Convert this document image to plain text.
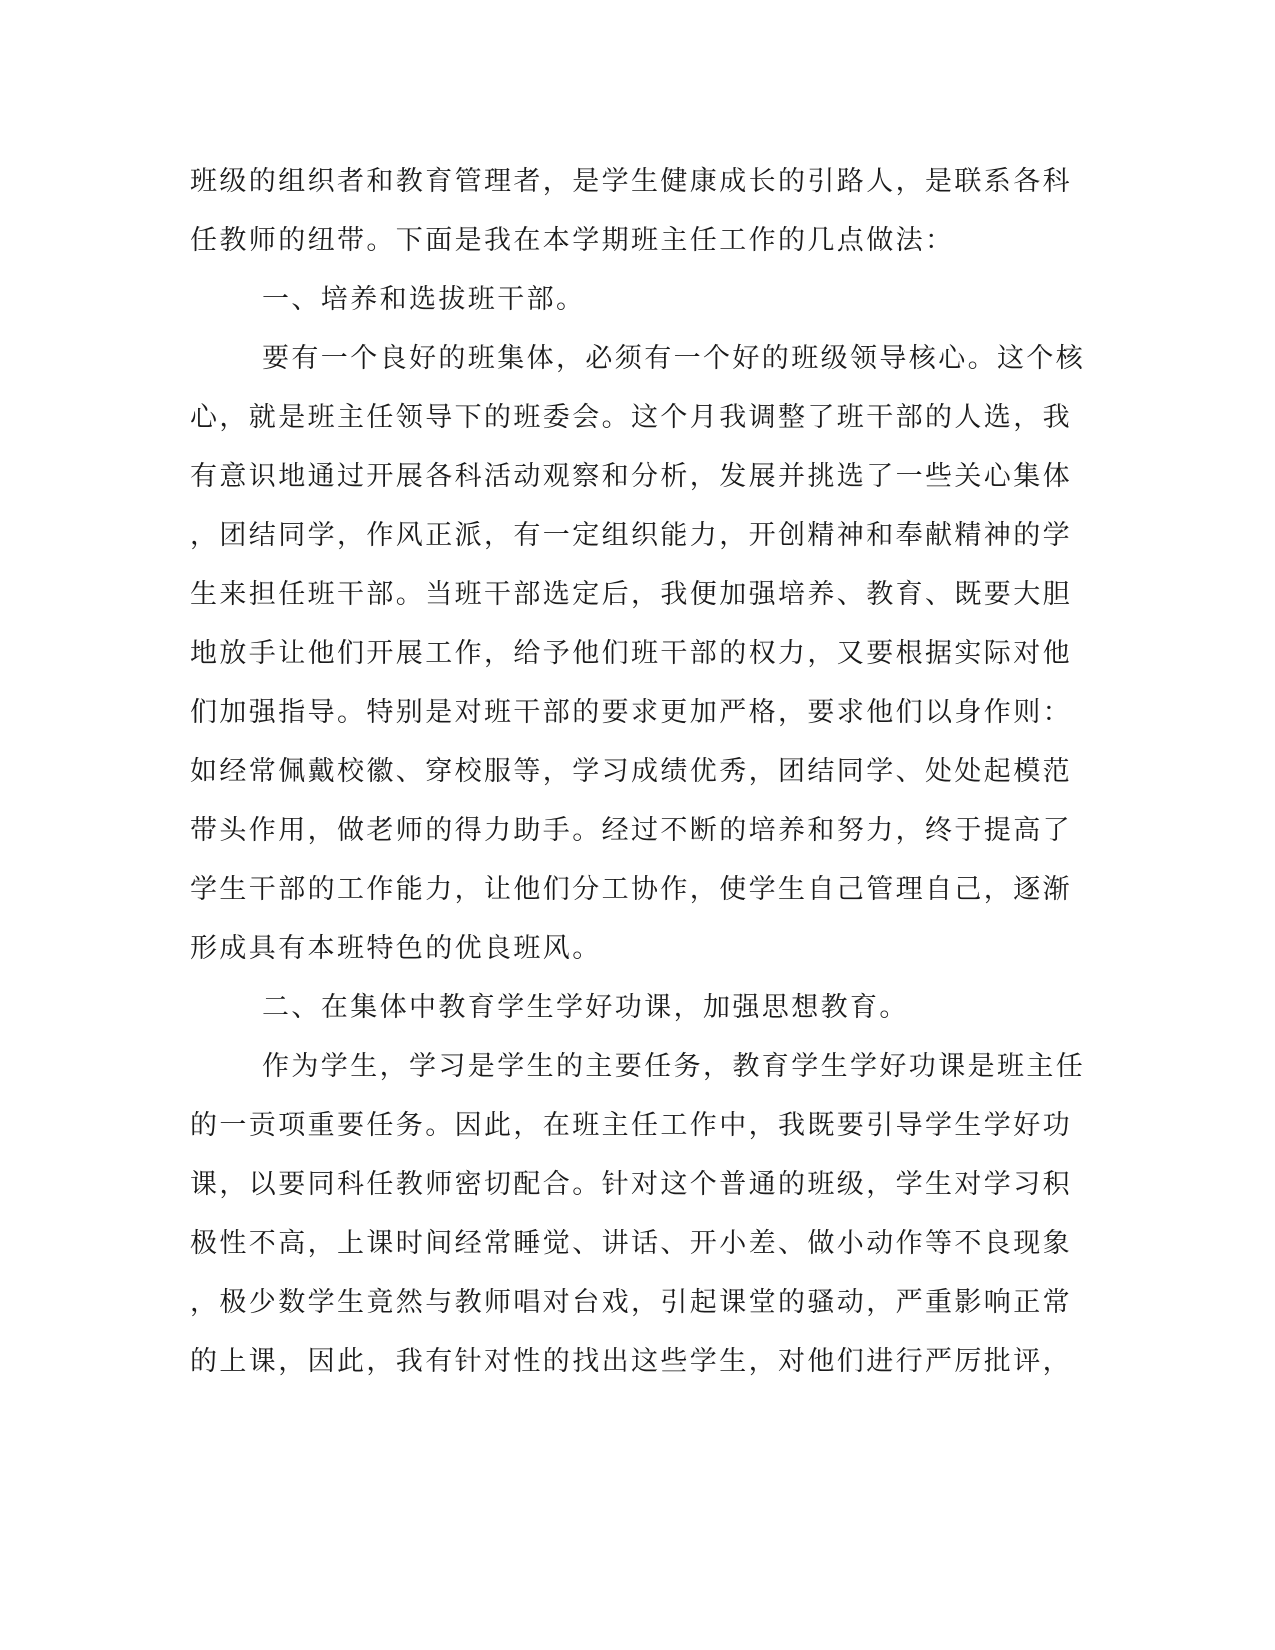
班级的组织者和教育管理者，是学生健康成长的引路人，是联系各科
任教师的纽带。下面是我在本学期班主任工作的几点做法：
一、培养和选拔班干部。
要有一个良好的班集体，必须有一个好的班级领导核心。这个核
心，就是班主任领导下的班委会。这个月我调整了班干部的人选，我
有意识地通过开展各科活动观察和分析，发展并挑选了一些关心集体
，团结同学，作风正派，有一定组织能力，开创精神和奉献精神的学
生来担任班干部。当班干部选定后，我便加强培养、教育、既要大胆
地放手让他们开展工作，给予他们班干部的权力，又要根据实际对他
们加强指导。特别是对班干部的要求更加严格，要求他们以身作则：
如经常佩戴校徽、穿校服等，学习成绩优秀，团结同学、处处起模范
带头作用，做老师的得力助手。经过不断的培养和努力，终于提高了
学生干部的工作能力，让他们分工协作，使学生自己管理自己，逐渐
形成具有本班特色的优良班风。
二、在集体中教育学生学好功课，加强思想教育。
作为学生，学习是学生的主要任务，教育学生学好功课是班主任
的一贡项重要任务。因此，在班主任工作中，我既要引导学生学好功
课，以要同科任教师密切配合。针对这个普通的班级，学生对学习积
极性不高，上课时间经常睡觉、讲话、开小差、做小动作等不良现象
，极少数学生竟然与教师唱对台戏，引起课堂的骚动，严重影响正常
的上课，因此，我有针对性的找出这些学生，对他们进行严厉批评，
